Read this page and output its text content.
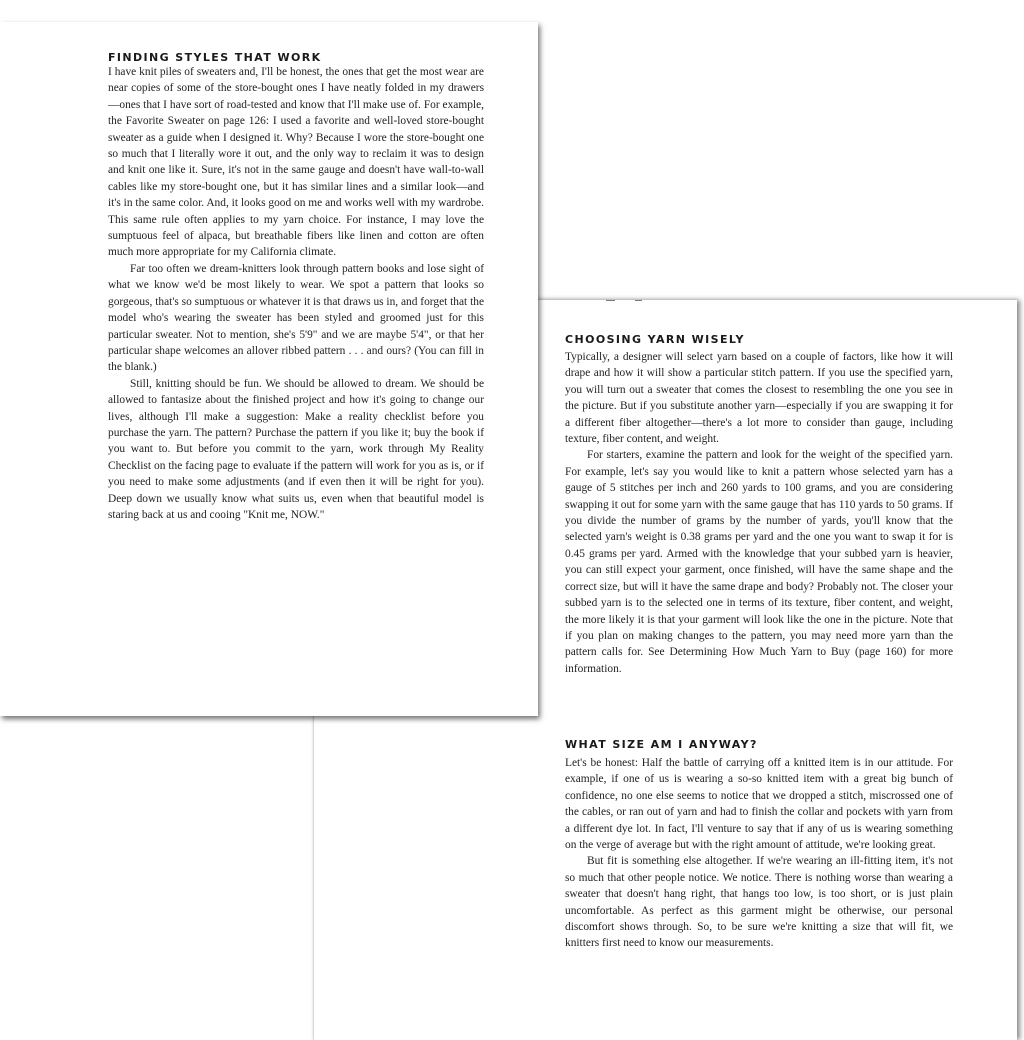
CHOOSING YARN WISELY

Typically, a designer will select yarn based on a couple of factors, like how it will drape and how it will show a particular stitch pattern. If you use the specified yarn, you will turn out a sweater that comes the closest to resembling the one you see in the picture. But if you substitute another yarn—especially if you are swapping it for a different fiber altogether—there's a lot more to consider than gauge, including texture, fiber content, and weight.

For starters, examine the pattern and look for the weight of the specified yarn. For example, let's say you would like to knit a pattern whose selected yarn has a gauge of 5 stitches per inch and 260 yards to 100 grams, and you are considering swapping it out for some yarn with the same gauge that has 110 yards to 50 grams. If you divide the number of grams by the number of yards, you'll know that the selected yarn's weight is 0.38 grams per yard and the one you want to swap it for is 0.45 grams per yard. Armed with the knowledge that your subbed yarn is heavier, you can still expect your garment, once finished, will have the same shape and the correct size, but will it have the same drape and body? Probably not. The closer your subbed yarn is to the selected one in terms of its texture, fiber content, and weight, the more likely it is that your garment will look like the one in the picture. Note that if you plan on making changes to the pattern, you may need more yarn than the pattern calls for. See Determining How Much Yarn to Buy (page 160) for more information.

WHAT SIZE AM I ANYWAY?

Let's be honest: Half the battle of carrying off a knitted item is in our attitude. For example, if one of us is wearing a so-so knitted item with a great big bunch of confidence, no one else seems to notice that we dropped a stitch, miscrossed one of the cables, or ran out of yarn and had to finish the collar and pockets with yarn from a different dye lot. In fact, I'll venture to say that if any of us is wearing something on the verge of average but with the right amount of attitude, we're looking great.

But fit is something else altogether. If we're wearing an ill-fitting item, it's not so much that other people notice. We notice. There is nothing worse than wearing a sweater that doesn't hang right, that hangs too low, is too short, or is just plain uncomfortable. As perfect as this garment might be otherwise, our personal discomfort shows through. So, to be sure we're knitting a size that will fit, we knitters first need to know our measurements.

FINDING STYLES THAT WORK

I have knit piles of sweaters and, I'll be honest, the ones that get the most wear are near copies of some of the store-bought ones I have neatly folded in my drawers—ones that I have sort of road-tested and know that I'll make use of. For example, the Favorite Sweater on page 126: I used a favorite and well-loved store-bought sweater as a guide when I designed it. Why? Because I wore the store-bought one so much that I literally wore it out, and the only way to reclaim it was to design and knit one like it. Sure, it's not in the same gauge and doesn't have wall-to-wall cables like my store-bought one, but it has similar lines and a similar look—and it's in the same color. And, it looks good on me and works well with my wardrobe. This same rule often applies to my yarn choice. For instance, I may love the sumptuous feel of alpaca, but breathable fibers like linen and cotton are often much more appropriate for my California climate.

Far too often we dream-knitters look through pattern books and lose sight of what we know we'd be most likely to wear. We spot a pattern that looks so gorgeous, that's so sumptuous or whatever it is that draws us in, and forget that the model who's wearing the sweater has been styled and groomed just for this particular sweater. Not to mention, she's 5'9" and we are maybe 5'4", or that her particular shape welcomes an allover ribbed pattern . . . and ours? (You can fill in the blank.)

Still, knitting should be fun. We should be allowed to dream. We should be allowed to fantasize about the finished project and how it's going to change our lives, although I'll make a suggestion: Make a reality checklist before you purchase the yarn. The pattern? Purchase the pattern if you like it; buy the book if you want to. But before you commit to the yarn, work through My Reality Checklist on the facing page to evaluate if the pattern will work for you as is, or if you need to make some adjustments (and if even then it will be right for you). Deep down we usually know what suits us, even when that beautiful model is staring back at us and cooing "Knit me, NOW."
